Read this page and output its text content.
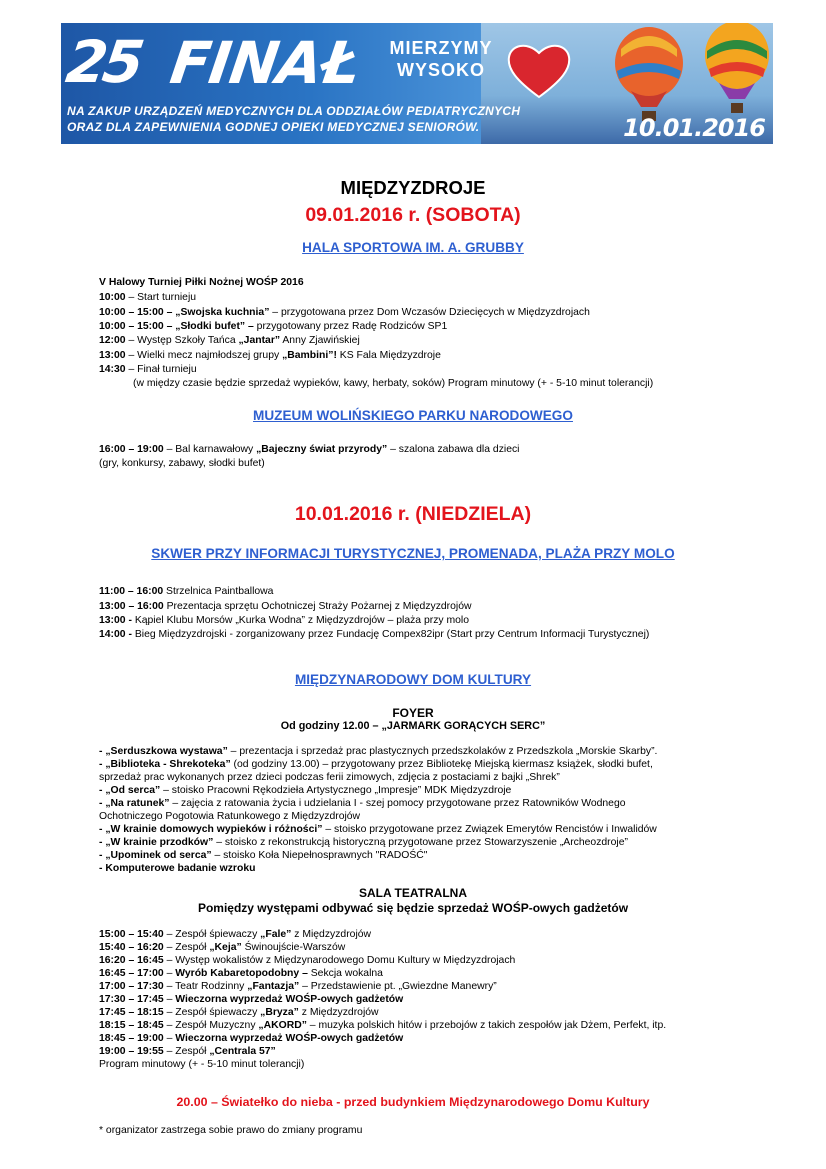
25 FINAŁ	MIERZYMY
WYSOKO
NA ZAKUP URZĄDZEŃ MEDYCZNYCH DLA ODDZIAŁÓW PEDIATRYCZNYCH
ORAZ DLA ZAPEWNIENIA GODNEJ OPIEKI MEDYCZNEJ SENIORÓW.	10.01.2016
MIĘDZYZDROJE
09.01.2016 r. (SOBOTA)
HALA SPORTOWA IM. A. GRUBBY
V Halowy Turniej Piłki Nożnej WOŚP 2016
10:00 – Start turnieju
10:00 – 15:00 – „Swojska kuchnia” – przygotowana przez Dom Wczasów Dziecięcych w Międzyzdrojach
10:00 – 15:00 – „Słodki bufet” – przygotowany przez Radę Rodziców SP1
12:00 – Występ Szkoły Tańca „Jantar” Anny Zjawińskiej
13:00 – Wielki mecz najmłodszej grupy „Bambini”! KS Fala Międzyzdroje
14:30 – Finał turnieju
(w między czasie będzie sprzedaż wypieków, kawy, herbaty, soków) Program minutowy (+ - 5-10 minut tolerancji)
MUZEUM WOLIŃSKIEGO PARKU NARODOWEGO
16:00 – 19:00 – Bal karnawałowy „Bajeczny świat przyrody” – szalona zabawa dla dzieci
(gry, konkursy, zabawy, słodki bufet)
10.01.2016 r. (NIEDZIELA)
SKWER PRZY INFORMACJI TURYSTYCZNEJ, PROMENADA, PLAŻA PRZY MOLO
11:00 – 16:00 Strzelnica Paintballowa
13:00 – 16:00 Prezentacja sprzętu Ochotniczej Straży Pożarnej z Międzyzdrojów
13:00 - Kąpiel Klubu Morsów „Kurka Wodna” z Międzyzdrojów – plaża przy molo
14:00 - Bieg Międzyzdrojski - zorganizowany przez Fundację Compex82ipr (Start przy Centrum Informacji Turystycznej)
MIĘDZYNARODOWY DOM KULTURY
FOYER
Od godziny 12.00 – „JARMARK GORĄCYCH SERC”
- „Serduszkowa wystawa” – prezentacja i sprzedaż prac plastycznych przedszkolaków z Przedszkola „Morskie Skarby”.
- „Biblioteka - Shrekoteka” (od godziny 13.00) – przygotowany przez Bibliotekę Miejską kiermasz książek, słodki bufet,
sprzedaż prac wykonanych przez dzieci podczas ferii zimowych, zdjęcia z postaciami z bajki „Shrek”
- „Od serca” – stoisko Pracowni Rękodzieła Artystycznego „Impresje” MDK Międzyzdroje
- „Na ratunek” – zajęcia z ratowania życia i udzielania I - szej pomocy przygotowane przez Ratowników Wodnego
Ochotniczego Pogotowia Ratunkowego z Międzyzdrojów
- „W krainie domowych wypieków i różności” – stoisko przygotowane przez Związek Emerytów Rencistów i Inwalidów
- „W krainie przodków” – stoisko z rekonstrukcją historyczną przygotowane przez Stowarzyszenie „Archeozdroje”
- „Upominek od serca” – stoisko Koła Niepełnosprawnych "RADOŚĆ"
- Komputerowe badanie wzroku
SALA TEATRALNA
Pomiędzy występami odbywać się będzie sprzedaż WOŚP-owych gadżetów
15:00 – 15:40 – Zespół śpiewaczy „Fale” z Międzyzdrojów
15:40 – 16:20 – Zespół „Keja” Świnoujście-Warszów
16:20 – 16:45 – Występ wokalistów z Międzynarodowego Domu Kultury w Międzyzdrojach
16:45 – 17:00 – Wyrób Kabaretopodobny – Sekcja wokalna
17:00 – 17:30 – Teatr Rodzinny „Fantazja” – Przedstawienie pt. „Gwiezdne Manewry”
17:30 – 17:45 – Wieczorna wyprzedaż WOŚP-owych gadżetów
17:45 – 18:15 – Zespół śpiewaczy „Bryza” z Międzyzdrojów
18:15 – 18:45 – Zespół Muzyczny „AKORD” – muzyka polskich hitów i przebojów z takich zespołów jak Dżem, Perfekt, itp.
18:45 – 19:00 – Wieczorna wyprzedaż WOŚP-owych gadżetów
19:00 – 19:55 – Zespół „Centrala 57”
Program minutowy (+ - 5-10 minut tolerancji)
20.00 – Światełko do nieba - przed budynkiem Międzynarodowego Domu Kultury
* organizator zastrzega sobie prawo do zmiany programu
